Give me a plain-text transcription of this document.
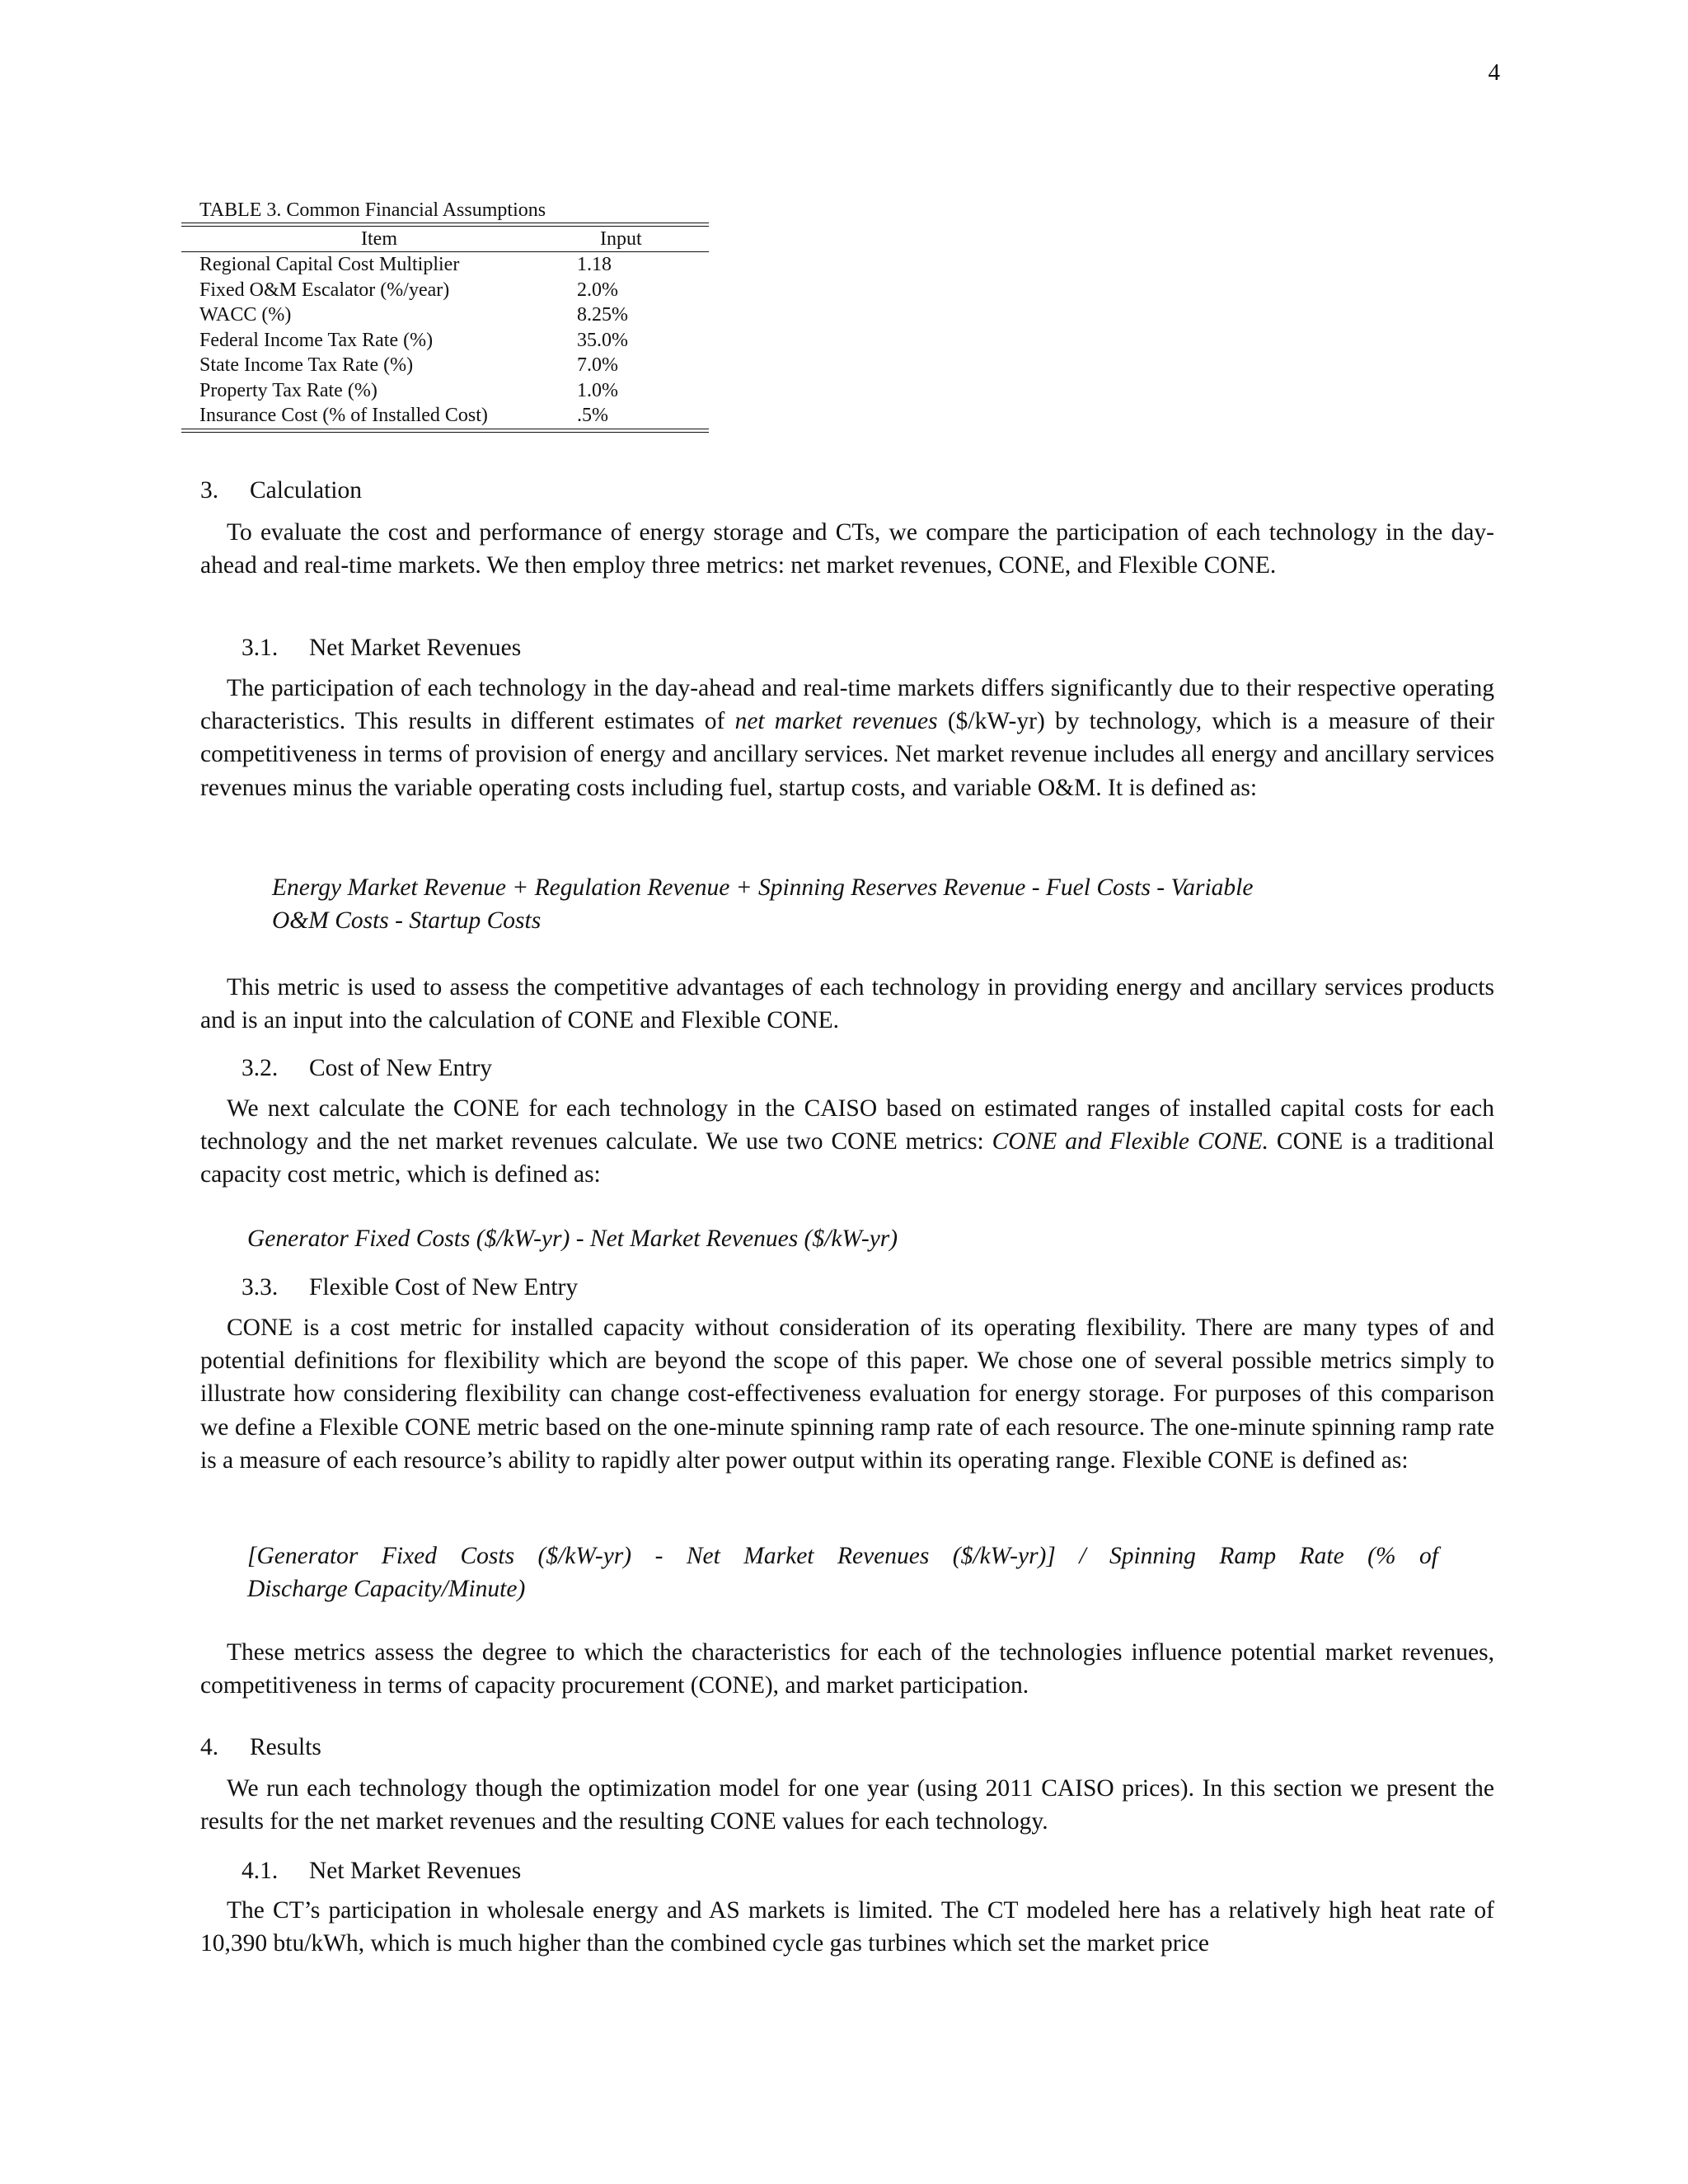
4
TABLE 3. Common Financial Assumptions
Item	Input
Regional Capital Cost Multiplier	1.18
Fixed O&M Escalator (%/year)	2.0%
WACC (%)	8.25%
Federal Income Tax Rate (%)	35.0%
State Income Tax Rate (%)	7.0%
Property Tax Rate (%)	1.0%
Insurance Cost (% of Installed Cost)	.5%
3. Calculation
To evaluate the cost and performance of energy storage and CTs, we compare the participation of each technology in the day-ahead and real-time markets. We then employ three metrics: net market revenues, CONE, and Flexible CONE.
3.1. Net Market Revenues
The participation of each technology in the day-ahead and real-time markets differs significantly due to their respective operating characteristics. This results in different estimates of net market revenues ($/kW-yr) by technology, which is a measure of their competitiveness in terms of provision of energy and ancillary services. Net market revenue includes all energy and ancillary services revenues minus the variable operating costs including fuel, startup costs, and variable O&M. It is defined as:
Energy Market Revenue + Regulation Revenue + Spinning Reserves Revenue - Fuel Costs - Variable
O&M Costs - Startup Costs
This metric is used to assess the competitive advantages of each technology in providing energy and ancillary services products and is an input into the calculation of CONE and Flexible CONE.
3.2. Cost of New Entry
We next calculate the CONE for each technology in the CAISO based on estimated ranges of installed capital costs for each technology and the net market revenues calculate. We use two CONE metrics: CONE and Flexible CONE. CONE is a traditional capacity cost metric, which is defined as:
Generator Fixed Costs ($/kW-yr) - Net Market Revenues ($/kW-yr)
3.3. Flexible Cost of New Entry
CONE is a cost metric for installed capacity without consideration of its operating flexibility. There are many types of and potential definitions for flexibility which are beyond the scope of this paper. We chose one of several possible metrics simply to illustrate how considering flexibility can change cost-effectiveness evaluation for energy storage. For purposes of this comparison we define a Flexible CONE metric based on the one-minute spinning ramp rate of each resource. The one-minute spinning ramp rate is a measure of each resource’s ability to rapidly alter power output within its operating range. Flexible CONE is defined as:
[Generator Fixed Costs ($/kW-yr) - Net Market Revenues ($/kW-yr)] / Spinning Ramp Rate (% of
Discharge Capacity/Minute)
These metrics assess the degree to which the characteristics for each of the technologies influence potential market revenues, competitiveness in terms of capacity procurement (CONE), and market participation.
4. Results
We run each technology though the optimization model for one year (using 2011 CAISO prices). In this section we present the results for the net market revenues and the resulting CONE values for each technology.
4.1. Net Market Revenues
The CT’s participation in wholesale energy and AS markets is limited. The CT modeled here has a relatively high heat rate of 10,390 btu/kWh, which is much higher than the combined cycle gas turbines which set the market price
